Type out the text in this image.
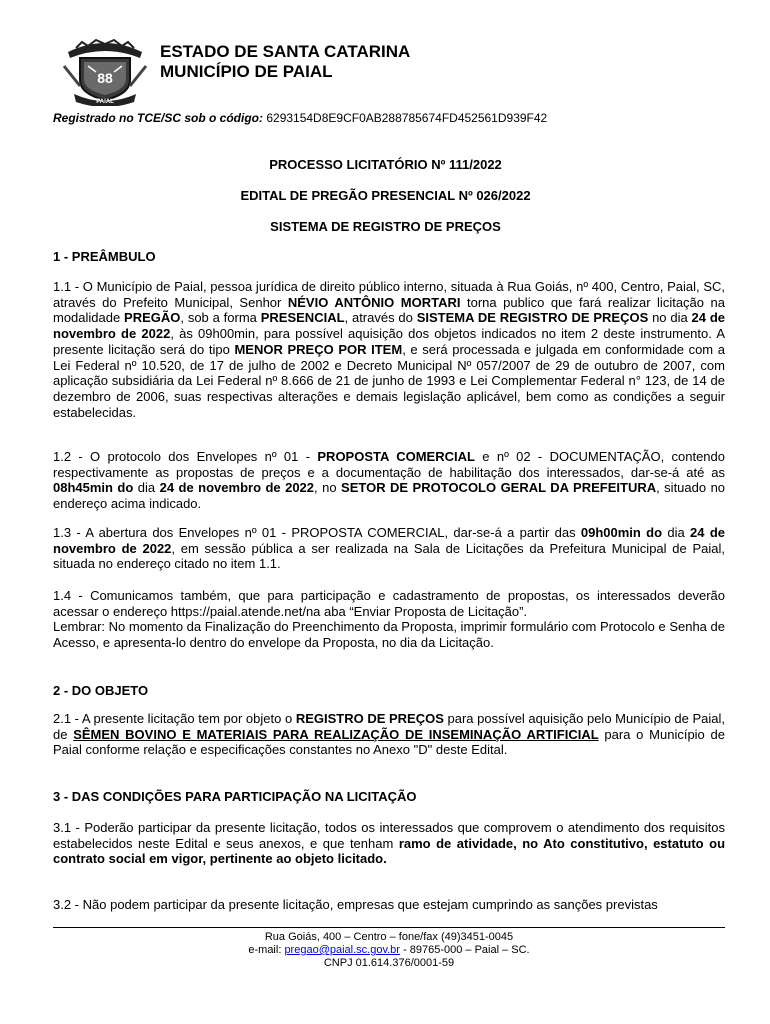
88
PAIAL
ESTADO DE SANTA CATARINA
MUNICÍPIO DE PAIAL
Registrado no TCE/SC sob o código: 6293154D8E9CF0AB288785674FD452561D939F42
PROCESSO LICITATÓRIO Nº 111/2022
EDITAL DE PREGÃO PRESENCIAL Nº 026/2022
SISTEMA DE REGISTRO DE PREÇOS
1 - PREÂMBULO
1.1 - O Município de Paial, pessoa jurídica de direito público interno, situada à Rua Goiás, nº 400, Centro, Paial, SC, através do Prefeito Municipal, Senhor NÉVIO ANTÔNIO MORTARI torna publico que fará realizar licitação na modalidade PREGÃO, sob a forma PRESENCIAL, através do SISTEMA DE REGISTRO DE PREÇOS no dia 24 de novembro de 2022, às 09h00min, para possível aquisição dos objetos indicados no item 2 deste instrumento. A presente licitação será do tipo MENOR PREÇO POR ITEM, e será processada e julgada em conformidade com a Lei Federal nº 10.520, de 17 de julho de 2002 e Decreto Municipal Nº 057/2007 de 29 de outubro de 2007, com aplicação subsidiária da Lei Federal nº 8.666 de 21 de junho de 1993 e Lei Complementar Federal n° 123, de 14 de dezembro de 2006, suas respectivas alterações e demais legislação aplicável, bem como as condições a seguir estabelecidas.
1.2 - O protocolo dos Envelopes nº 01 - PROPOSTA COMERCIAL e nº 02 - DOCUMENTAÇÃO, contendo respectivamente as propostas de preços e a documentação de habilitação dos interessados, dar-se-á até as 08h45min do dia 24 de novembro de 2022, no SETOR DE PROTOCOLO GERAL DA PREFEITURA, situado no endereço acima indicado.
1.3 - A abertura dos Envelopes nº 01 - PROPOSTA COMERCIAL, dar-se-á a partir das 09h00min do dia 24 de novembro de 2022, em sessão pública a ser realizada na Sala de Licitações da Prefeitura Municipal de Paial, situada no endereço citado no item 1.1.
1.4 - Comunicamos também, que para participação e cadastramento de propostas, os interessados deverão acessar o endereço https://paial.atende.net/na aba “Enviar Proposta de Licitação”.
Lembrar: No momento da Finalização do Preenchimento da Proposta, imprimir formulário com Protocolo e Senha de Acesso, e apresenta-lo dentro do envelope da Proposta, no dia da Licitação.
2 - DO OBJETO
2.1 - A presente licitação tem por objeto o REGISTRO DE PREÇOS para possível aquisição pelo Município de Paial, de SÊMEN BOVINO E MATERIAIS PARA REALIZAÇÃO DE INSEMINAÇÃO ARTIFICIAL para o Município de Paial conforme relação e especificações constantes no Anexo "D" deste Edital.
3 - DAS CONDIÇÕES PARA PARTICIPAÇÃO NA LICITAÇÃO
3.1 - Poderão participar da presente licitação, todos os interessados que comprovem o atendimento dos requisitos estabelecidos neste Edital e seus anexos, e que tenham ramo de atividade, no Ato constitutivo, estatuto ou contrato social em vigor, pertinente ao objeto licitado.
3.2 - Não podem participar da presente licitação, empresas que estejam cumprindo as sanções previstas
Rua Goiás, 400 – Centro – fone/fax (49)3451-0045
e-mail: pregao@paial.sc.gov.br - 89765-000 – Paial – SC.
CNPJ 01.614.376/0001-59
